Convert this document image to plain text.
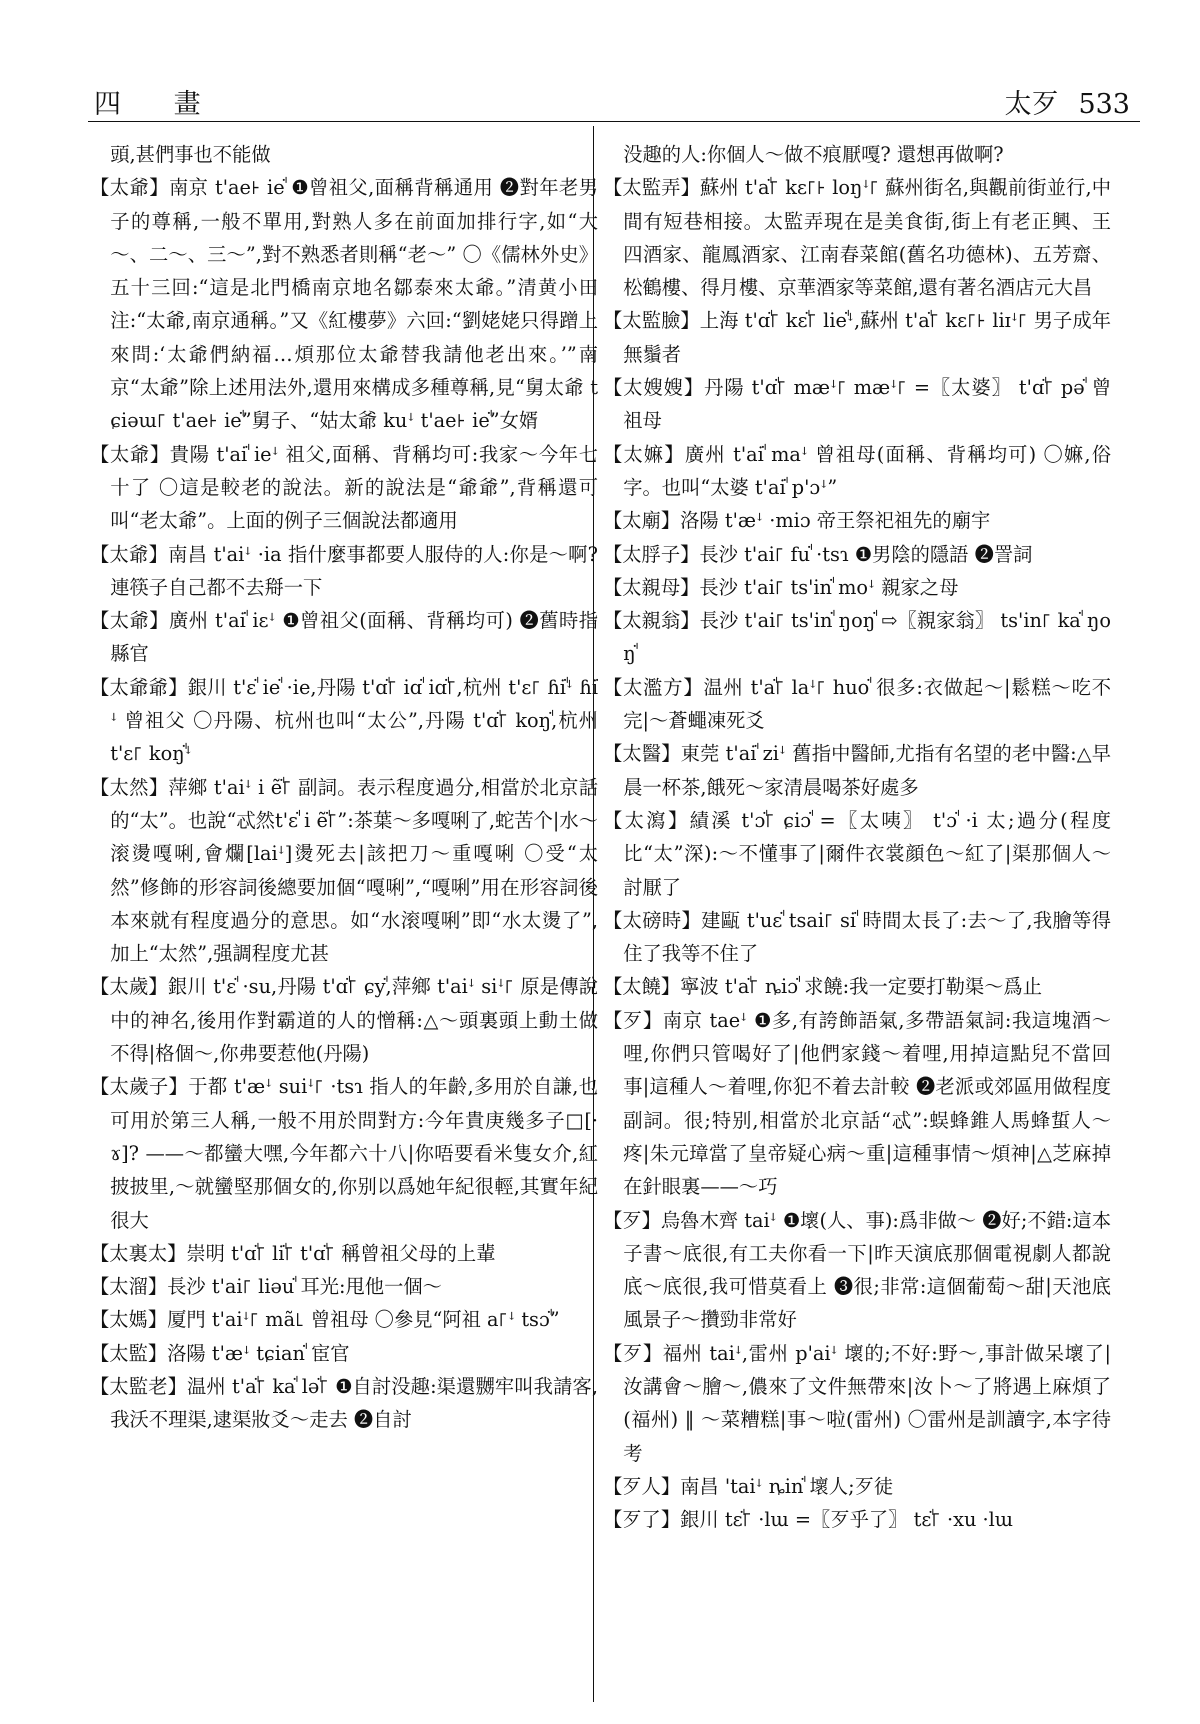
四 畫	太歹 533

頭,甚們事也不能做

【太爺】南京 t'ae꜔ ieꜗ ❶曾祖父,面稱背稱通用 ❷對年老男子的尊稱,一般不單用,對熟人多在前面加排行字,如“大～、二～、三～”,對不熟悉者則稱“老～” 〇《儒林外史》五十三回:“這是北門橋南京地名鄒泰來太爺。”清黄小田注:“太爺,南京通稱。”又《紅樓夢》六回:“劉姥姥只得蹭上來問:‘太爺們納福…煩那位太爺替我請他老出來。’”南京“太爺”除上述用法外,還用來構成多種尊稱,見“舅太爺 tɕiəɯ꜒ t'ae꜔ ieꜗ”舅子、“姑太爺 kuꜜ t'ae꜔ ieꜗ”女婿

【太爺】貴陽 t'aiꜗ ieꜜ 祖父,面稱、背稱均可:我家～今年七十了 〇這是較老的說法。新的說法是“爺爺”,背稱還可叫“老太爺”。上面的例子三個說法都適用

【太爺】南昌 t'aiꜜ ·ia 指什麼事都要人服侍的人:你是～啊? 連筷子自己都不去搿一下

【太爺】廣州 t'aiꜗ iɛꜜ ❶曾祖父(面稱、背稱均可) ❷舊時指縣官

【太爺爺】銀川 t'ɛꜗ ieꜗ ·ie,丹陽 t'ɑꜗ꜒ iɑꜗ iɑꜗ꜒,杭州 t'ɛ꜒ ɦiꜗꜜ ɦiꜗꜜ 曾祖父 〇丹陽、杭州也叫“太公”,丹陽 t'ɑꜗ꜒ koŋꜗ,杭州 t'ɛ꜒ koŋꜗꜜ

【太然】萍鄉 t'aiꜜ i ẽꜗ꜒ 副詞。表示程度過分,相當於北京話的“太”。也說“忒然t'ɛꜗ i ẽꜗ꜒”:茶葉～多嘎唎了,蛇苦个|水～滚燙嘎唎,會爛[laiꜜ]燙死去|該把刀～重嘎唎 〇受“太然”修飾的形容詞後總要加個“嘎唎”,“嘎唎”用在形容詞後本來就有程度過分的意思。如“水滚嘎唎”即“水太燙了”,加上“太然”,强調程度尤甚

【太歲】銀川 t'ɛꜗ ·su,丹陽 t'ɑꜗ꜒ ɕyꜗ,萍鄉 t'aiꜜ siꜜ꜒ 原是傳說中的神名,後用作對霸道的人的憎稱:△～頭裏頭上動土做不得|格個～,你弗要惹他(丹陽)

【太歲子】于都 t'æꜜ suiꜜ꜒ ·tsɿ 指人的年齡,多用於自謙,也可用於第三人稱,一般不用於問對方:今年貴庚幾多子□[·ɤ]? ——～都蠻大嘿,今年都六十八|你唔要看米隻女介,紅披披里,～就蠻堅那個女的,你别以爲她年紀很輕,其實年紀很大

【太裏太】崇明 t'ɑꜗ꜒ liꜗ꜒ t'ɑꜗ꜒ 稱曾祖父母的上輩

【太溜】長沙 t'ai꜒ liəuꜗ 耳光:甩他一個～

【太媽】厦門 t'aiꜜ꜒ mã꜖ 曾祖母 〇參見“阿祖 a꜒ꜜ tsɔꜗ”

【太監】洛陽 t'æꜜ tɕianꜗ 宦官

【太監老】温州 t'aꜗ꜒ kaꜗ ləꜗ꜒ ❶自討没趣:渠還嬲牢叫我請客,我沃不理渠,逮渠妝爻～走去 ❷自討

没趣的人:你個人～做不痕厭嘎? 還想再做啊?

【太監弄】蘇州 t'aꜗ꜒ kɛ꜒꜔ loŋꜜ꜒ 蘇州街名,與觀前街並行,中間有短巷相接。太監弄現在是美食街,街上有老正興、王四酒家、龍鳳酒家、江南春菜館(舊名功德林)、五芳齋、松鶴樓、得月樓、京華酒家等菜館,還有著名酒店元大昌

【太監臉】上海 t'ɑꜗ꜒ kɛꜗ꜒ lieꜗꜜ,蘇州 t'aꜗ꜒ kɛ꜒꜔ liɪꜜ꜒ 男子成年無鬚者

【太嫂嫂】丹陽 t'ɑꜗ꜒ mæꜜ꜒ mæꜜ꜒ =〖太婆〗 t'ɑꜗ꜒ pəꜗ 曾祖母

【太嫲】廣州 t'aiꜗ maꜜ 曾祖母(面稱、背稱均可) 〇嫲,俗字。也叫“太婆 t'aiꜗ p'ɔꜜ”

【太廟】洛陽 t'æꜜ ·miɔ 帝王祭祀祖先的廟宇

【太脬子】長沙 t'ai꜒ fuꜗ ·tsɿ ❶男陰的隱語 ❷詈詞

【太親母】長沙 t'ai꜒ ts'inꜗ moꜜ 親家之母

【太親翁】長沙 t'ai꜒ ts'inꜗ ŋoŋꜗ ⇨〖親家翁〗 ts'in꜒ kaꜗ ŋoŋꜗ

【太濫方】温州 t'aꜗ꜒ laꜜ꜒ huoꜗ 很多:衣做起～|鬆糕～吃不完|～蒼蠅凍死爻

【太醫】東莞 t'aiꜗ ziꜜ 舊指中醫師,尤指有名望的老中醫:△早晨一杯茶,餓死～家清晨喝茶好處多

【太瀉】績溪 t'ɔꜗ꜒ ɕiɔꜗ =〖太咦〗 t'ɔꜗ ·i 太;過分(程度比“太”深):～不懂事了|爾件衣裳顔色～紅了|渠那個人～討厭了

【太磅時】建甌 t'uɛꜗ tsai꜒ siꜗ 時間太長了:去～了,我膾等得住了我等不住了

【太饒】寧波 t'aꜗ꜒ ȵiɔꜗ 求饒:我一定要打勒渠～爲止

【歹】南京 taeꜜ ❶多,有誇飾語氣,多帶語氣詞:我這塊酒～哩,你們只管喝好了|他們家錢～着哩,用掉這點兒不當回事|這種人～着哩,你犯不着去計較 ❷老派或郊區用做程度副詞。很;特别,相當於北京話“忒”:蜈蜂錐人馬蜂蜇人～疼|朱元璋當了皇帝疑心病～重|這種事情～煩神|△芝麻掉在針眼裏——～巧

【歹】烏魯木齊 taiꜜ ❶壞(人、事):爲非做～ ❷好;不錯:這本子書～底很,有工夫你看一下|昨天演底那個電視劇人都說底～底很,我可惜莫看上 ❸很;非常:這個葡萄～甜|天池底風景子～攢勁非常好

【歹】福州 taiꜜ,雷州 p'aiꜜ 壞的;不好:野～,事計做呆壞了|汝講會～膾～,儂來了文件無帶來|汝卜～了將遇上麻煩了(福州) ‖ ～菜糟糕|事～啦(雷州) 〇雷州是訓讀字,本字待考

【歹人】南昌 'taiꜜ ȵinꜗ 壞人;歹徒

【歹了】銀川 tɛꜗ꜒ ·lɯ =〖歹乎了〗 tɛꜗ꜒ ·xu ·lɯ
